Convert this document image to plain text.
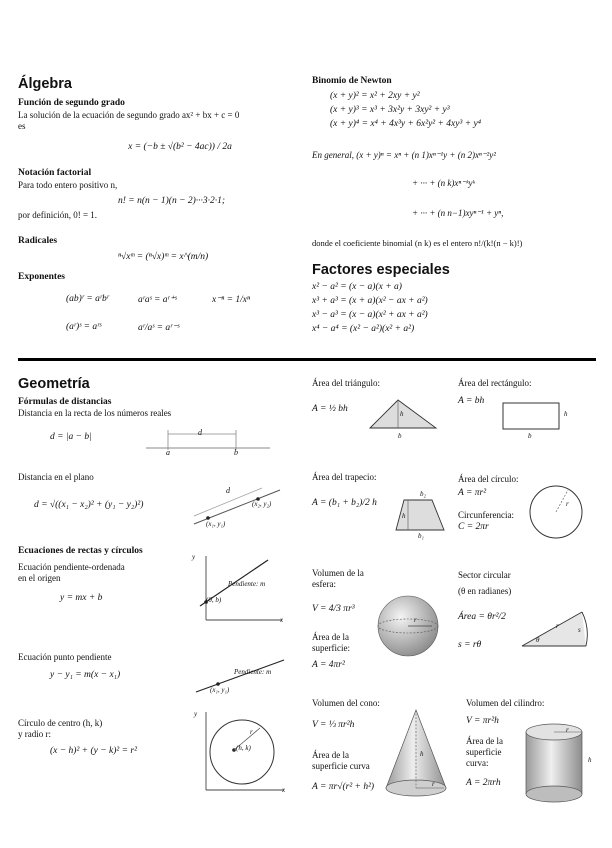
Álgebra
Función de segundo grado
La solución de la ecuación de segundo grado ax² + bx + c = 0
es
x = (−b ± √(b² − 4ac)) / 2a
Notación factorial
Para todo entero positivo n,
n! = n(n − 1)(n − 2)···3·2·1;
por definición, 0! = 1.
Radicales
ⁿ√xᵐ = (ⁿ√x)ᵐ = x^(m/n)
Exponentes
(ab)ʳ = aʳbʳ	aʳaˢ = aʳ⁺ˢ	x⁻ⁿ = 1/xⁿ
(aʳ)ˢ = aʳˢ	aʳ/aˢ = aʳ⁻ˢ
Binomio de Newton
(x + y)² = x² + 2xy + y²
(x + y)³ = x³ + 3x²y + 3xy² + y³
(x + y)⁴ = x⁴ + 4x³y + 6x²y² + 4xy³ + y⁴
En general, (x + y)ⁿ = xⁿ + (n 1)xⁿ⁻¹y + (n 2)xⁿ⁻²y²
+ ··· + (n k)xⁿ⁻ᵏyᵏ
+ ··· + (n n−1)xyⁿ⁻¹ + yⁿ,
donde el coeficiente binomial (n k) es el entero n!/(k!(n − k)!)
Factores especiales
x² − a² = (x − a)(x + a)
x³ + a³ = (x + a)(x² − ax + a²)
x³ − a³ = (x − a)(x² + ax + a²)
x⁴ − a⁴ = (x² − a²)(x² + a²)
Geometría
Fórmulas de distancias
Distancia en la recta de los números reales
d = |a − b|	d
a	b
Distancia en el plano
d = √((x₁ − x₂)² + (y₁ − y₂)²)
d
(x₁, y₁)
(x₂, y₂)
Ecuaciones de rectas y círculos
Ecuación pendiente-ordenada
en el origen
y = mx + b
y
x
Pendiente: m
(0, b)
Ecuación punto pendiente
y − y₁ = m(x − x₁)	Pendiente: m
(x₁, y₁)
Círculo de centro (h, k)
y radio r:
(x − h)² + (y − k)² = r²	(h, k)
r
y
x
Área del triángulo:
A = ½ bh	h
b
Área del rectángulo:
A = bh
h
b
Área del trapecio:
A = (b₁ + b₂)/2 h
b₂
b₁
h
Área del círculo:
A = πr²
Circunferencia:
C = 2πr
r
Volumen de la
esfera:
V = 4/3 πr³
Área de la
superficie:
A = 4πr²
r
Sector circular
(θ en radianes)
Área = θr²/2
s = rθ	θ
r	s
Volumen del cono:
V = ⅓ πr²h
Área de la
superficie curva
A = πr√(r² + h²)
h
r
Volumen del cilindro:
V = πr²h
Área de la
superficie
curva:
A = 2πrh
h
r
